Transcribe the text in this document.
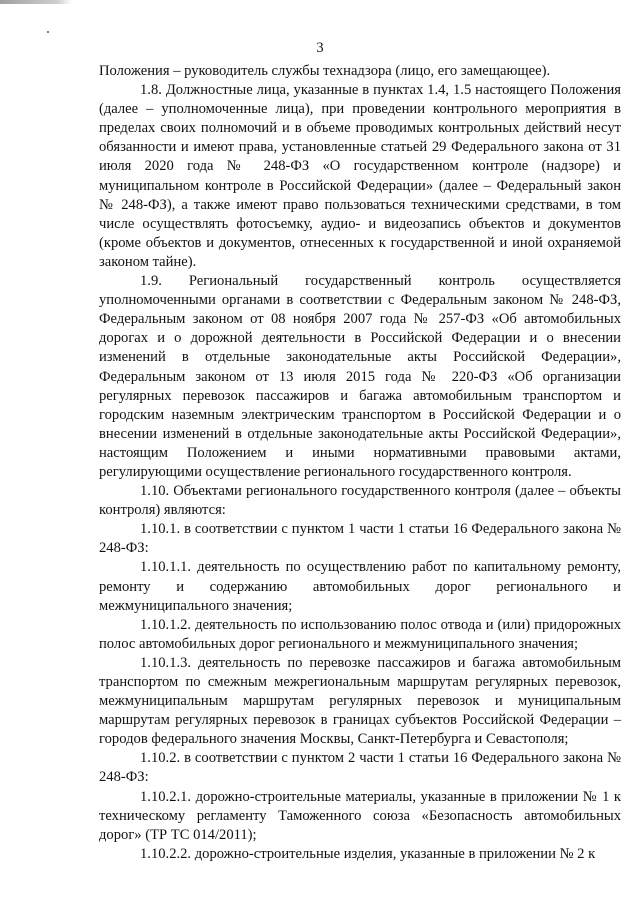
3

Положения – руководитель службы технадзора (лицо, его замещающее).

1.8. Должностные лица, указанные в пунктах 1.4, 1.5 настоящего Положения (далее – уполномоченные лица), при проведении контрольного мероприятия в пределах своих полномочий и в объеме проводимых контрольных действий несут обязанности и имеют права, установленные статьей 29 Федерального закона от 31 июля 2020 года № 248-ФЗ «О государственном контроле (надзоре) и муниципальном контроле в Российской Федерации» (далее – Федеральный закон № 248-ФЗ), а также имеют право пользоваться техническими средствами, в том числе осуществлять фотосъемку, аудио- и видеозапись объектов и документов (кроме объектов и документов, отнесенных к государственной и иной охраняемой законом тайне).

1.9. Региональный государственный контроль осуществляется уполномоченными органами в соответствии с Федеральным законом № 248-ФЗ, Федеральным законом от 08 ноября 2007 года № 257-ФЗ «Об автомобильных дорогах и о дорожной деятельности в Российской Федерации и о внесении изменений в отдельные законодательные акты Российской Федерации», Федеральным законом от 13 июля 2015 года № 220-ФЗ «Об организации регулярных перевозок пассажиров и багажа автомобильным транспортом и городским наземным электрическим транспортом в Российской Федерации и о внесении изменений в отдельные законодательные акты Российской Федерации», настоящим Положением и иными нормативными правовыми актами, регулирующими осуществление регионального государственного контроля.

1.10. Объектами регионального государственного контроля (далее – объекты контроля) являются:

1.10.1. в соответствии с пунктом 1 части 1 статьи 16 Федерального закона № 248-ФЗ:

1.10.1.1. деятельность по осуществлению работ по капитальному ремонту, ремонту и содержанию автомобильных дорог регионального и межмуниципального значения;

1.10.1.2. деятельность по использованию полос отвода и (или) придорожных полос автомобильных дорог регионального и межмуниципального значения;

1.10.1.3. деятельность по перевозке пассажиров и багажа автомобильным транспортом по смежным межрегиональным маршрутам регулярных перевозок, межмуниципальным маршрутам регулярных перевозок и муниципальным маршрутам регулярных перевозок в границах субъектов Российской Федерации – городов федерального значения Москвы, Санкт-Петербурга и Севастополя;

1.10.2. в соответствии с пунктом 2 части 1 статьи 16 Федерального закона № 248-ФЗ:

1.10.2.1. дорожно-строительные материалы, указанные в приложении № 1 к техническому регламенту Таможенного союза «Безопасность автомобильных дорог» (ТР ТС 014/2011);

1.10.2.2. дорожно-строительные изделия, указанные в приложении № 2 к
